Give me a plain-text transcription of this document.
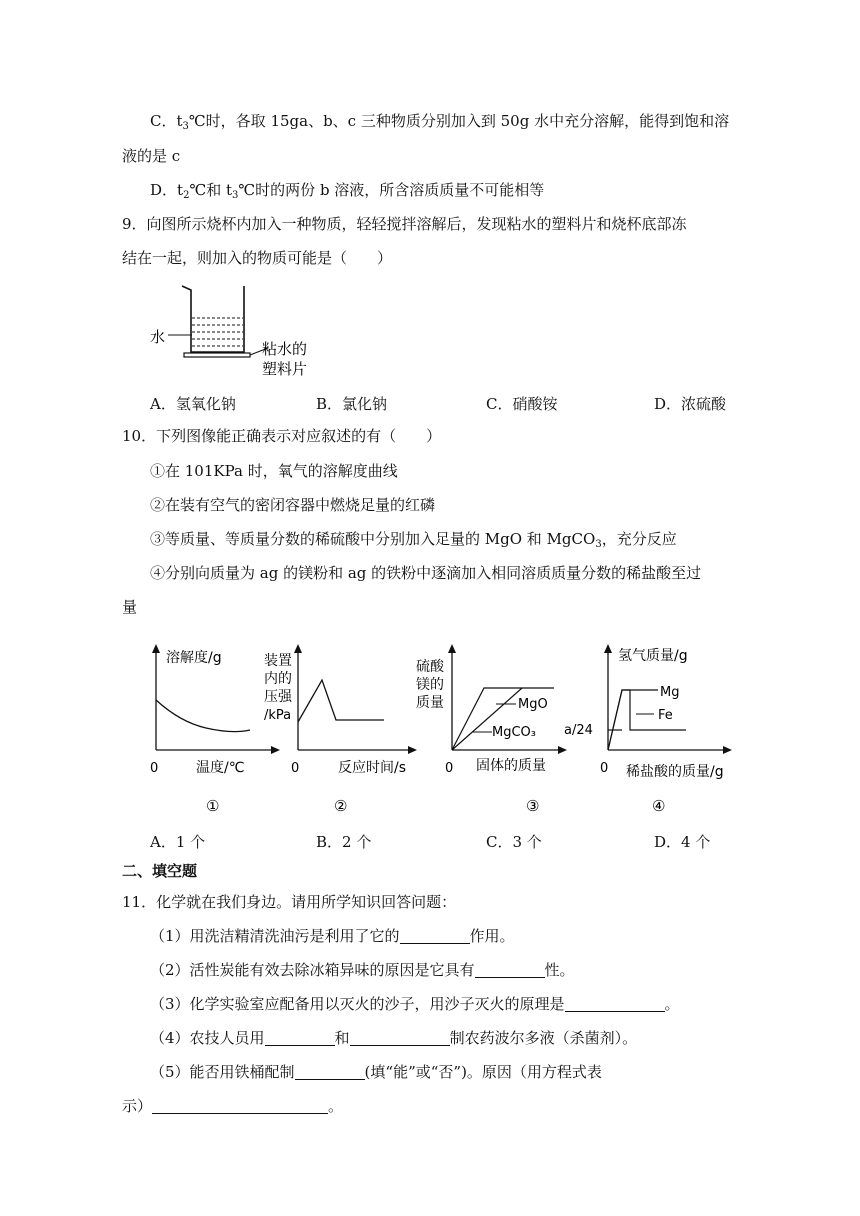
C．$t_3℃$时，各取 15ga、b、c 三种物质分别加入到 50g 水中充分溶解，能得到饱和溶
液的是 c
D．$t_2℃$和 $t_3℃$时的两份 b 溶液，所含溶质质量不可能相等
9．向图所示烧杯内加入一种物质，轻轻搅拌溶解后，发现粘水的塑料片和烧杯底部冻
结在一起，则加入的物质可能是（　　）
水
粘水的
塑料片
A．氢氧化钠	B．氯化钠	C．硝酸铵	D．浓硫酸
10．下列图像能正确表示对应叙述的有（　　）
①在 101KPa 时，氧气的溶解度曲线
②在装有空气的密闭容器中燃烧足量的红磷
③等质量、等质量分数的稀硫酸中分别加入足量的 MgO 和 MgCO$_3$，充分反应
④分别向质量为 ag 的镁粉和 ag 的铁粉中逐滴加入相同溶质质量分数的稀盐酸至过
量
溶解度/g
0	温度/℃
①
装置
内的
压强
/kPa
0	反应时间/s
②
硫酸
镁的
质量	MgO
MgCO₃
0 固体的质量
③
氢气质量/g
Mg
Fe
a/24
0 稀盐酸的质量/g
④
A．1 个	B．2 个	C．3 个	D．4 个
二、填空题
11．化学就在我们身边。请用所学知识回答问题：
（1）用洗洁精清洗油污是利用了它的	作用。
（2）活性炭能有效去除冰箱异味的原因是它具有	性。
（3）化学实验室应配备用以灭火的沙子，用沙子灭火的原理是	。
（4）农技人员用	和	制农药波尔多液（杀菌剂）。
（5）能否用铁桶配制	(填“能”或“否”)。原因（用方程式表
示）	。
